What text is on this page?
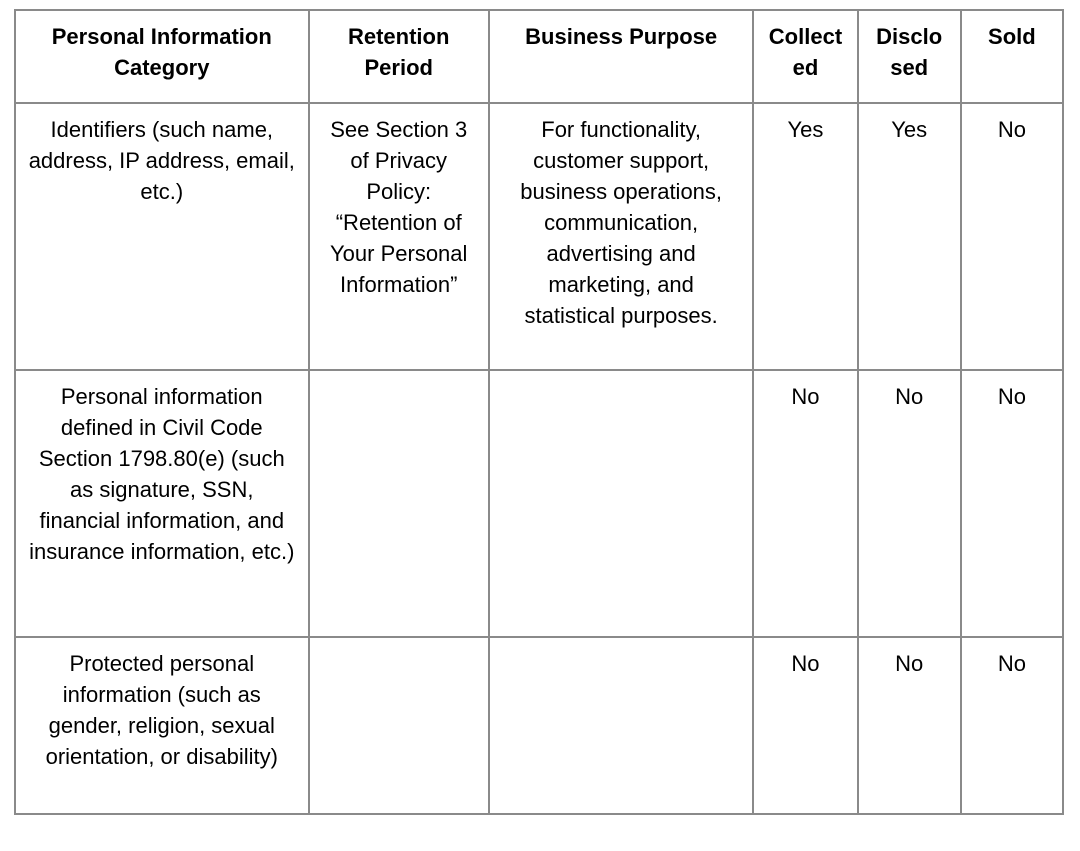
Personal Information Category	Retention Period	Business Purpose	Collected	Disclosed	Sold
Identifiers (such name, address, IP address, email, etc.)	See Section 3 of Privacy Policy: “Retention of Your Personal Information”	For functionality, customer support, business operations, communication, advertising and marketing, and statistical purposes.	Yes	Yes	No
Personal information defined in Civil Code Section 1798.80(e) (such as signature, SSN, financial information, and insurance information, etc.)			No	No	No
Protected personal information (such as gender, religion, sexual orientation, or disability)			No	No	No
